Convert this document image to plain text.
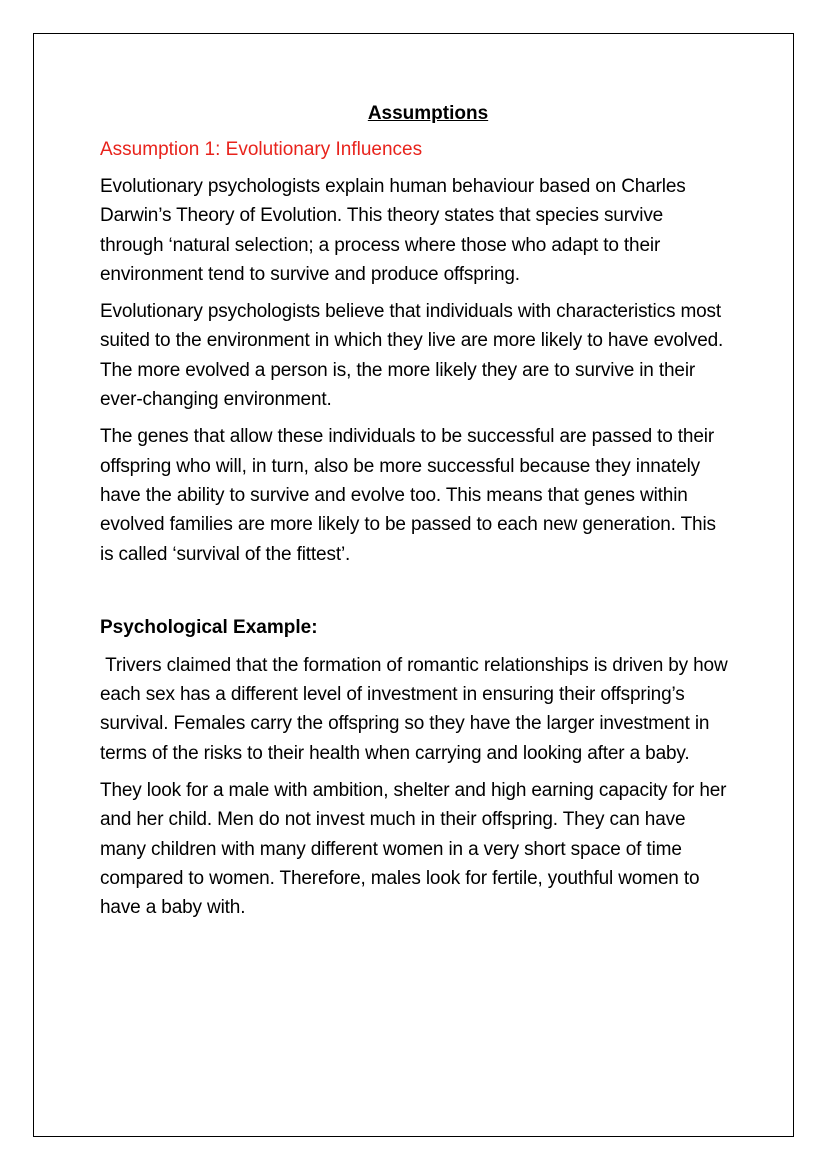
Assumptions
Assumption 1: Evolutionary Influences

Evolutionary psychologists explain human behaviour based on Charles Darwin’s Theory of Evolution. This theory states that species survive through ‘natural selection; a process where those who adapt to their environment tend to survive and produce offspring.

Evolutionary psychologists believe that individuals with characteristics most suited to the environment in which they live are more likely to have evolved. The more evolved a person is, the more likely they are to survive in their ever-changing environment.

The genes that allow these individuals to be successful are passed to their offspring who will, in turn, also be more successful because they innately have the ability to survive and evolve too. This means that genes within evolved families are more likely to be passed to each new generation. This is called ‘survival of the fittest’.

Psychological Example:

Trivers claimed that the formation of romantic relationships is driven by how each sex has a different level of investment in ensuring their offspring’s survival. Females carry the offspring so they have the larger investment in terms of the risks to their health when carrying and looking after a baby.

They look for a male with ambition, shelter and high earning capacity for her and her child. Men do not invest much in their offspring. They can have many children with many different women in a very short space of time compared to women. Therefore, males look for fertile, youthful women to have a baby with.
